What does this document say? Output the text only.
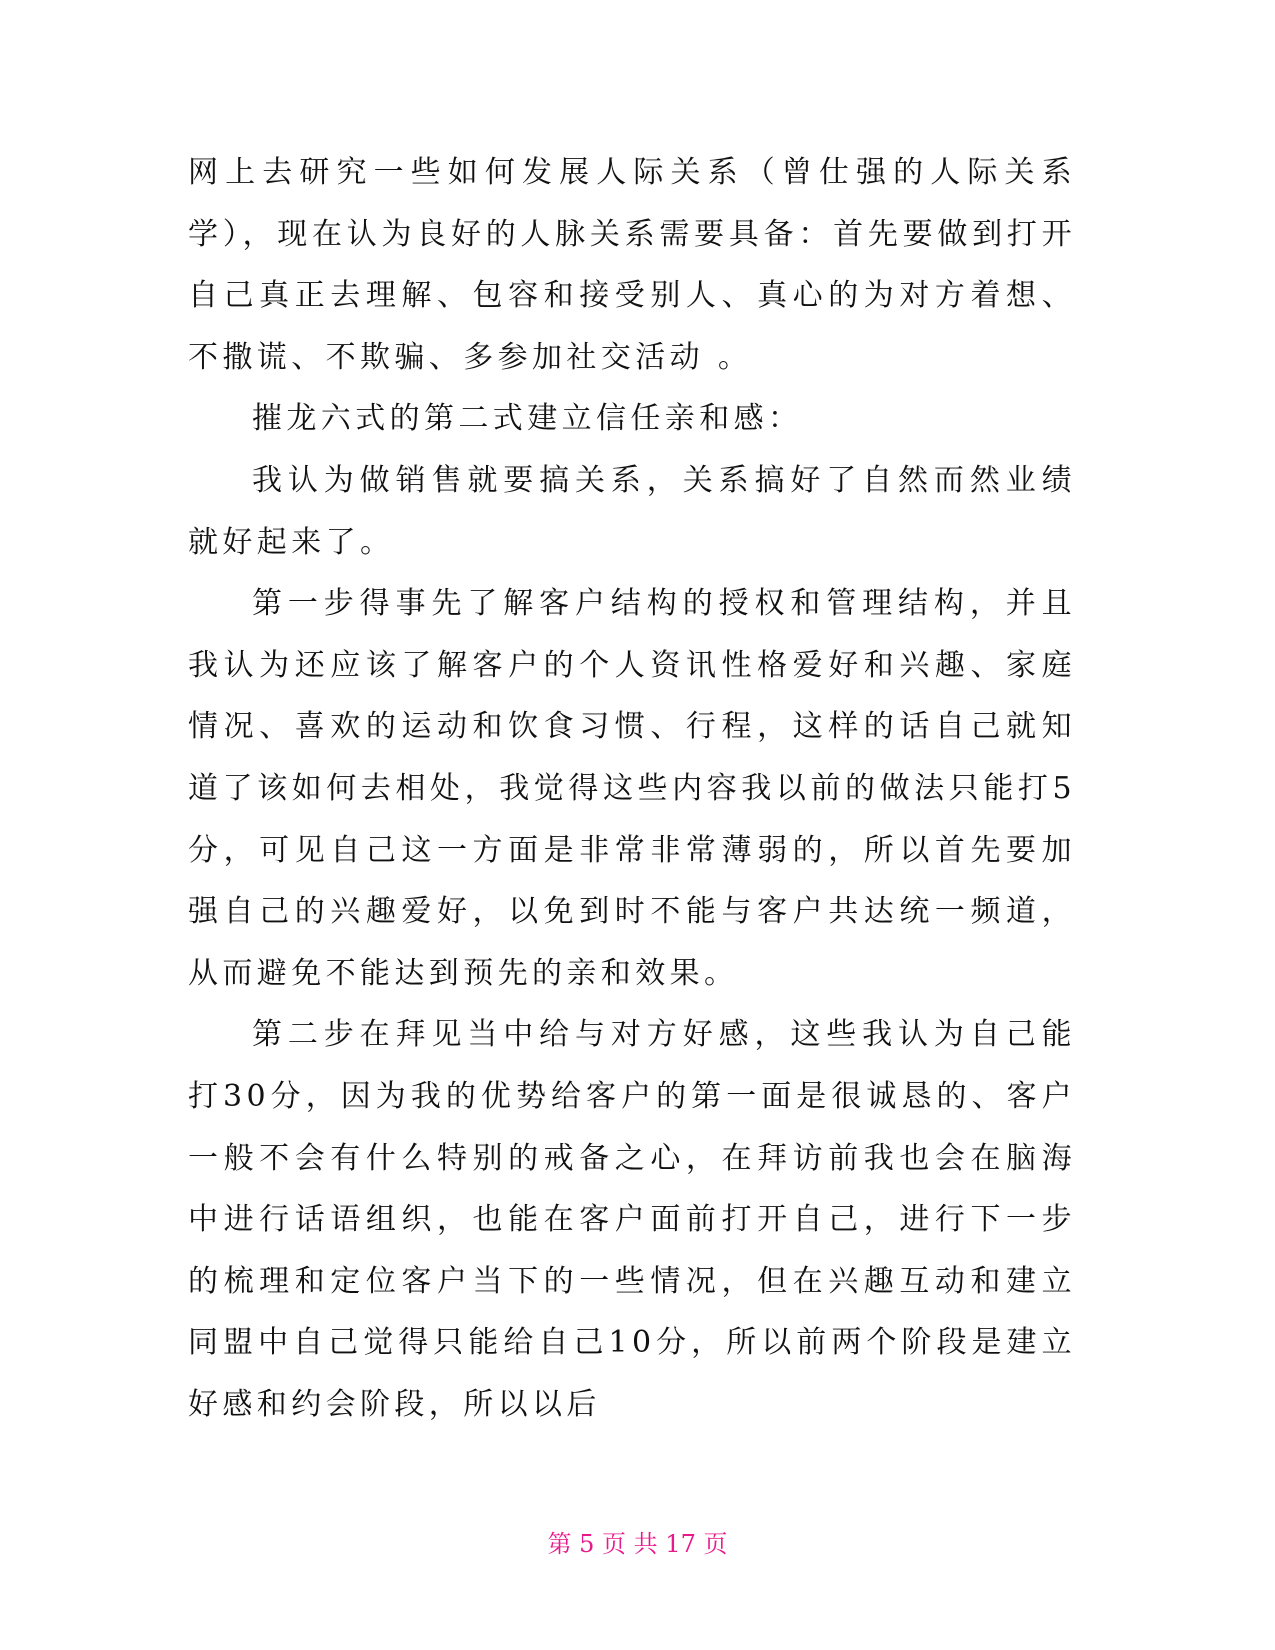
网上去研究一些如何发展人际关系（曾仕强的人际关系学），现在认为良好的人脉关系需要具备：首先要做到打开自己真正去理解、包容和接受别人、真心的为对方着想、不撒谎、不欺骗、多参加社交活动 。

摧龙六式的第二式建立信任亲和感：

我认为做销售就要搞关系，关系搞好了自然而然业绩就好起来了。

第一步得事先了解客户结构的授权和管理结构，并且我认为还应该了解客户的个人资讯性格爱好和兴趣、家庭情况、喜欢的运动和饮食习惯、行程，这样的话自己就知道了该如何去相处，我觉得这些内容我以前的做法只能打5分，可见自己这一方面是非常非常薄弱的，所以首先要加强自己的兴趣爱好，以免到时不能与客户共达统一频道，从而避免不能达到预先的亲和效果。

第二步在拜见当中给与对方好感，这些我认为自己能打30分，因为我的优势给客户的第一面是很诚恳的、客户一般不会有什么特别的戒备之心，在拜访前我也会在脑海中进行话语组织，也能在客户面前打开自己，进行下一步的梳理和定位客户当下的一些情况，但在兴趣互动和建立同盟中自己觉得只能给自己10分，所以前两个阶段是建立好感和约会阶段，所以以后

第 5 页 共 17 页
